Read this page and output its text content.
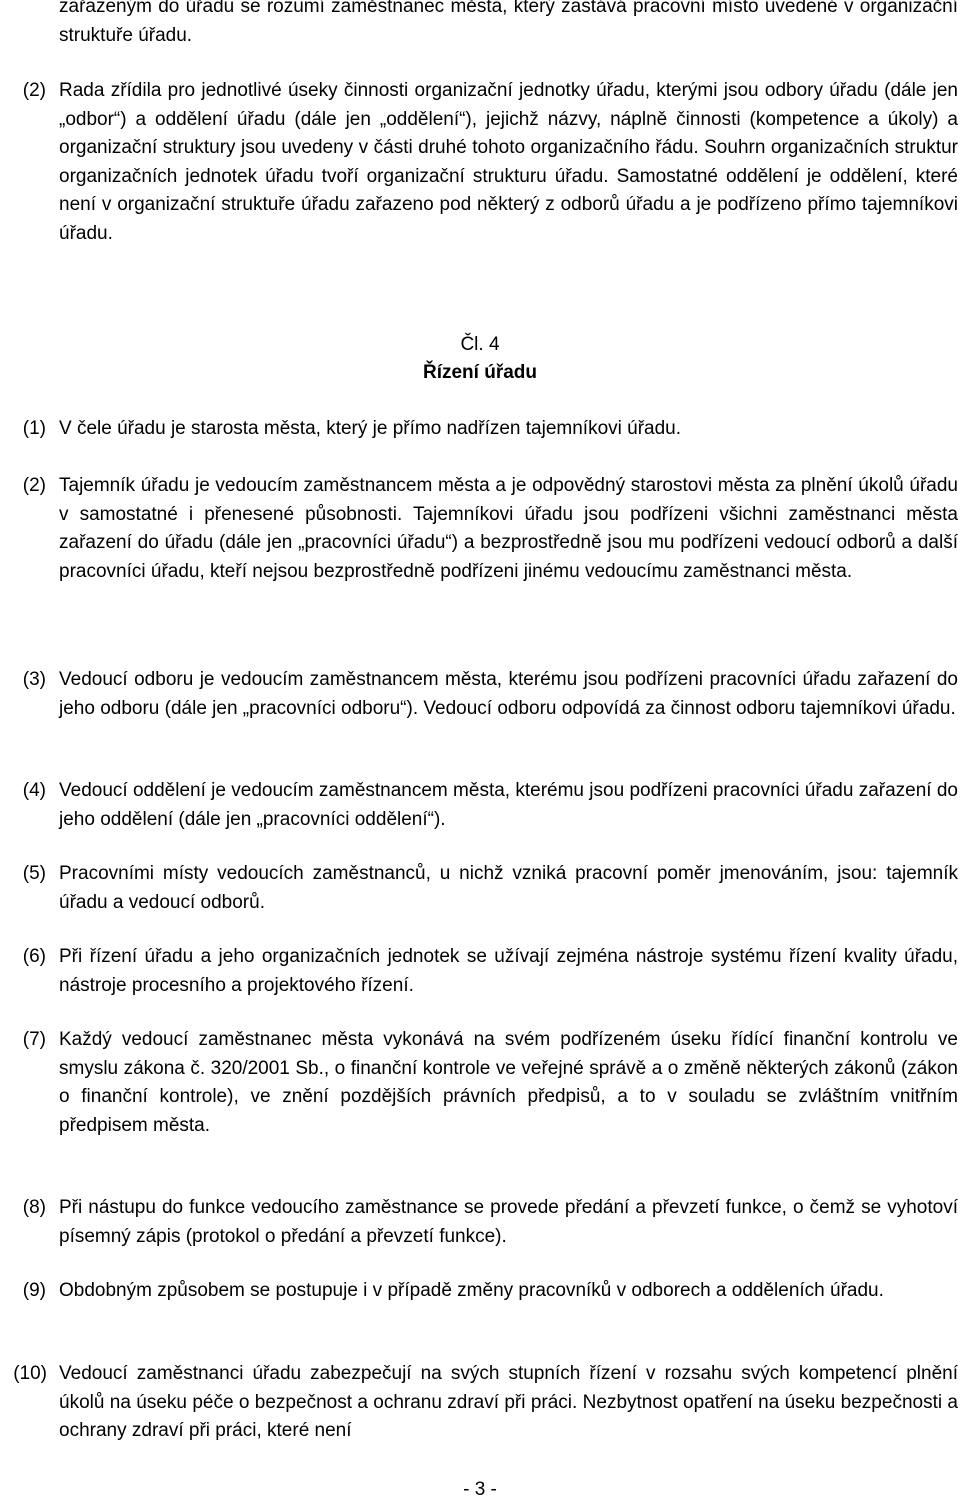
zařazeným do úřadu se rozumí zaměstnanec města, který zastává pracovní místo uvedené v organizační struktuře úřadu.

(2) Rada zřídila pro jednotlivé úseky činnosti organizační jednotky úřadu, kterými jsou odbory úřadu (dále jen „odbor“) a oddělení úřadu (dále jen „oddělení“), jejichž názvy, náplně činnosti (kompetence a úkoly) a organizační struktury jsou uvedeny v části druhé tohoto organizačního řádu. Souhrn organizačních struktur organizačních jednotek úřadu tvoří organizační strukturu úřadu. Samostatné oddělení je oddělení, které není v organizační struktuře úřadu zařazeno pod některý z odborů úřadu a je podřízeno přímo tajemníkovi úřadu.

Čl. 4

Řízení úřadu

(1) V čele úřadu je starosta města, který je přímo nadřízen tajemníkovi úřadu.
(2) Tajemník úřadu je vedoucím zaměstnancem města a je odpovědný starostovi města za plnění úkolů úřadu v samostatné i přenesené působnosti. Tajemníkovi úřadu jsou podřízeni všichni zaměstnanci města zařazení do úřadu (dále jen „pracovníci úřadu“) a bezprostředně jsou mu podřízeni vedoucí odborů a další pracovníci úřadu, kteří nejsou bezprostředně podřízeni jinému vedoucímu zaměstnanci města.
(3) Vedoucí odboru je vedoucím zaměstnancem města, kterému jsou podřízeni pracovníci úřadu zařazení do jeho odboru (dále jen „pracovníci odboru“). Vedoucí odboru odpovídá za činnost odboru tajemníkovi úřadu.
(4) Vedoucí oddělení je vedoucím zaměstnancem města, kterému jsou podřízeni pracovníci úřadu zařazení do jeho oddělení (dále jen „pracovníci oddělení“).
(5) Pracovními místy vedoucích zaměstnanců, u nichž vzniká pracovní poměr jmenováním, jsou: tajemník úřadu a vedoucí odborů.
(6) Při řízení úřadu a jeho organizačních jednotek se užívají zejména nástroje systému řízení kvality úřadu, nástroje procesního a projektového řízení.
(7) Každý vedoucí zaměstnanec města vykonává na svém podřízeném úseku řídící finanční kontrolu ve smyslu zákona č. 320/2001 Sb., o finanční kontrole ve veřejné správě a o změně některých zákonů (zákon o finanční kontrole), ve znění pozdějších právních předpisů, a to v souladu se zvláštním vnitřním předpisem města.
(8) Při nástupu do funkce vedoucího zaměstnance se provede předání a převzetí funkce, o čemž se vyhotoví písemný zápis (protokol o předání a převzetí funkce).
(9) Obdobným způsobem se postupuje i v případě změny pracovníků v odborech a odděleních úřadu.
(10) Vedoucí zaměstnanci úřadu zabezpečují na svých stupních řízení v rozsahu svých kompetencí plnění úkolů na úseku péče o bezpečnost a ochranu zdraví při práci. Nezbytnost opatření na úseku bezpečnosti a ochrany zdraví při práci, které není
- 3 -
